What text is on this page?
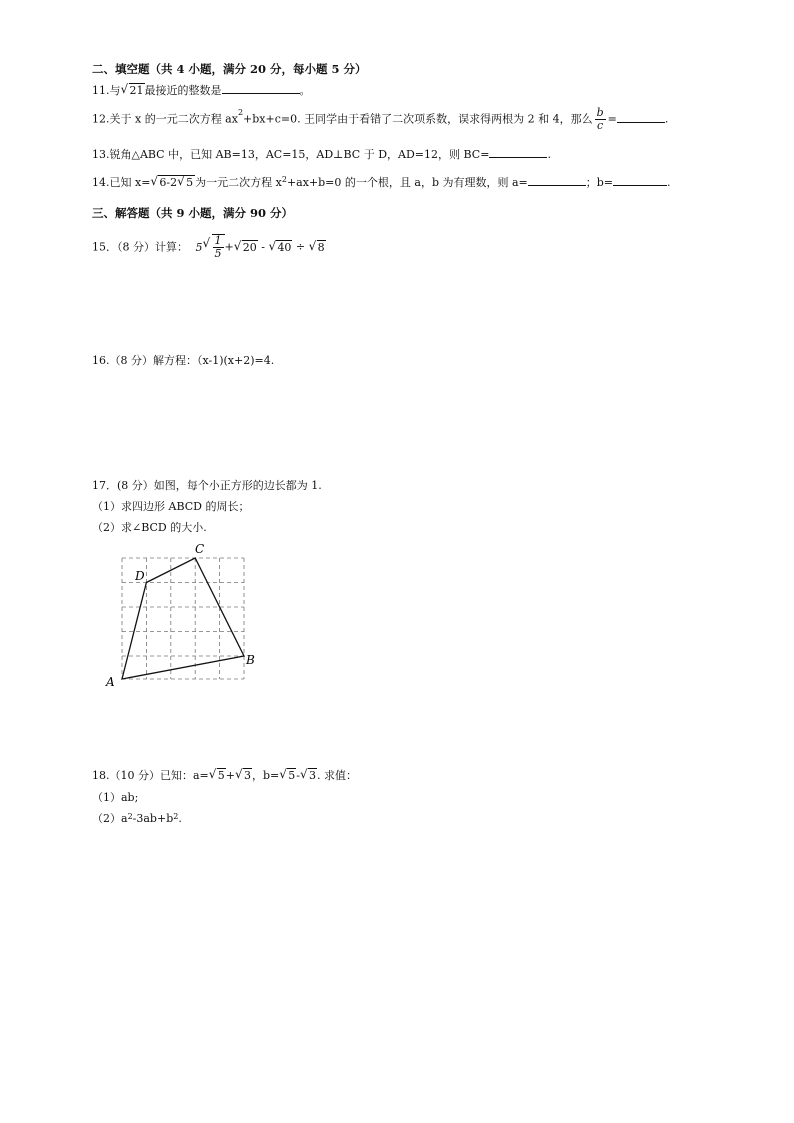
二、填空题（共 4 小题，满分 20 分，每小题 5 分）
11.与 √ 21最接近的整数是	。
12.关于 x 的一元二次方程 $ax^2+bx+c=0$. 王同学由于看错了二次项系数，误求得两根为 2 和 4，那么 $\frac{b}{c}$ =	.
13.锐角△ABC 中，已知 AB=13，AC=15，AD⊥BC 于 D，AD=12，则 BC=	.
14.已知 x= √ 6-2 √ 5 为一元二次方程 $x^2+ax+b=0$ 的一个根，且 a，b 为有理数，则 a=	；b=	.
三、解答题（共 9 小题，满分 90 分）
15．（8 分）计算： 5 √ $\frac{1}{5}$ + √ 20 - √ 40 ÷ √ 8
16.（8 分）解方程：（x-1)(x+2)=4.
17．(8 分）如图，每个小正方形的边长都为 1.
（1）求四边形 ABCD 的周长；
（2）求∠BCD 的大小.
A
B
C
D
18.（10 分）已知：a= √ 5+ √ 3，b= √ 5- √ 3. 求值：
（1）ab;
$(2)a^2-3ab+b^2$.
